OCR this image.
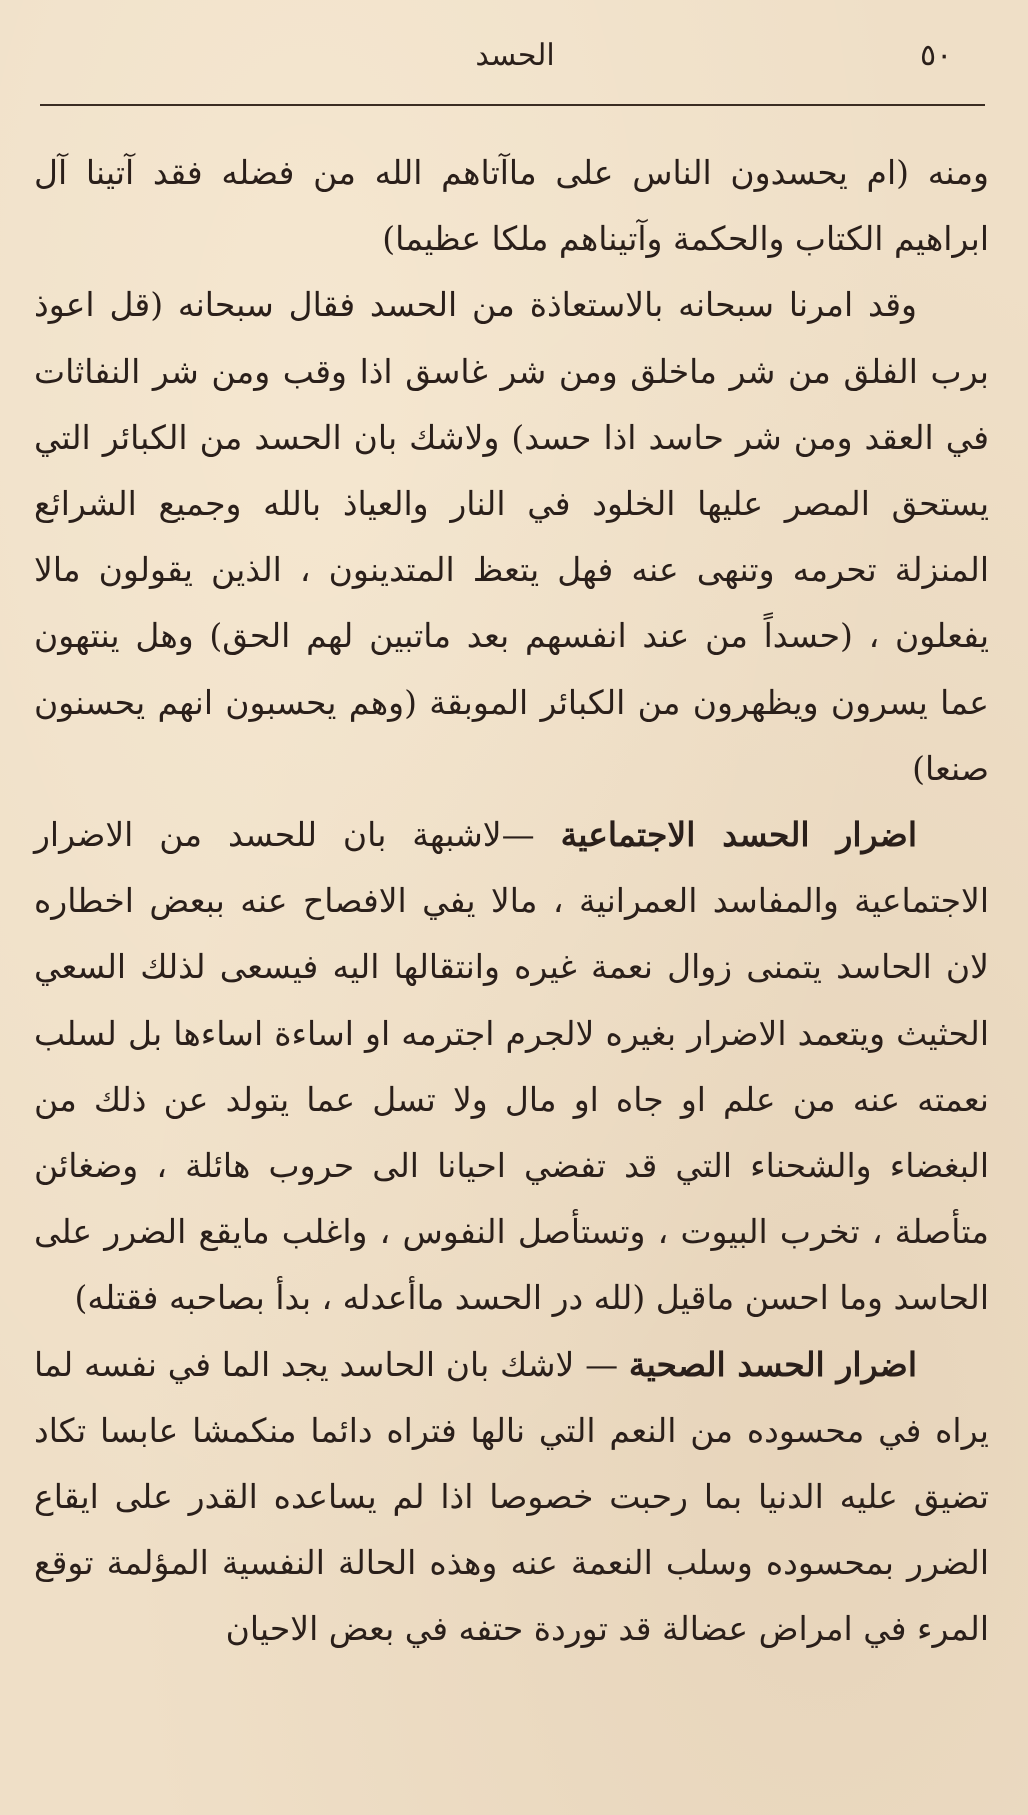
٥٠
الحسد

ومنه (ام يحسدون الناس على ماآتاهم الله من فضله فقد آتينا آل ابراهيم الكتاب والحكمة وآتيناهم ملكا عظيما)

وقد امرنا سبحانه بالاستعاذة من الحسد فقال سبحانه (قل اعوذ برب الفلق من شر ماخلق ومن شر غاسق اذا وقب ومن شر النفاثات في العقد ومن شر حاسد اذا حسد) ولاشك بان الحسد من الكبائر التي يستحق المصر عليها الخلود في النار والعياذ بالله وجميع الشرائع المنزلة تحرمه وتنهى عنه فهل يتعظ المتدينون ، الذين يقولون مالا يفعلون ، (حسداً من عند انفسهم بعد ماتبين لهم الحق) وهل ينتهون عما يسرون ويظهرون من الكبائر الموبقة (وهم يحسبون انهم يحسنون صنعا)

اضرار الحسد الاجتماعية —لاشبهة بان للحسد من الاضرار الاجتماعية والمفاسد العمرانية ، مالا يفي الافصاح عنه ببعض اخطاره لان الحاسد يتمنى زوال نعمة غيره وانتقالها اليه فيسعى لذلك السعي الحثيث ويتعمد الاضرار بغيره لالجرم اجترمه او اساءة اساءها بل لسلب نعمته عنه من علم او جاه او مال ولا تسل عما يتولد عن ذلك من البغضاء والشحناء التي قد تفضي احيانا الى حروب هائلة ، وضغائن متأصلة ، تخرب البيوت ، وتستأصل النفوس ، واغلب مايقع الضرر على الحاسد وما احسن ماقيل (لله در الحسد ماأعدله ، بدأ بصاحبه فقتله)

اضرار الحسد الصحية — لاشك بان الحاسد يجد الما في نفسه لما يراه في محسوده من النعم التي نالها فتراه دائما منكمشا عابسا تكاد تضيق عليه الدنيا بما رحبت خصوصا اذا لم يساعده القدر على ايقاع الضرر بمحسوده وسلب النعمة عنه وهذه الحالة النفسية المؤلمة توقع المرء في امراض عضالة قد توردة حتفه في بعض الاحيان
